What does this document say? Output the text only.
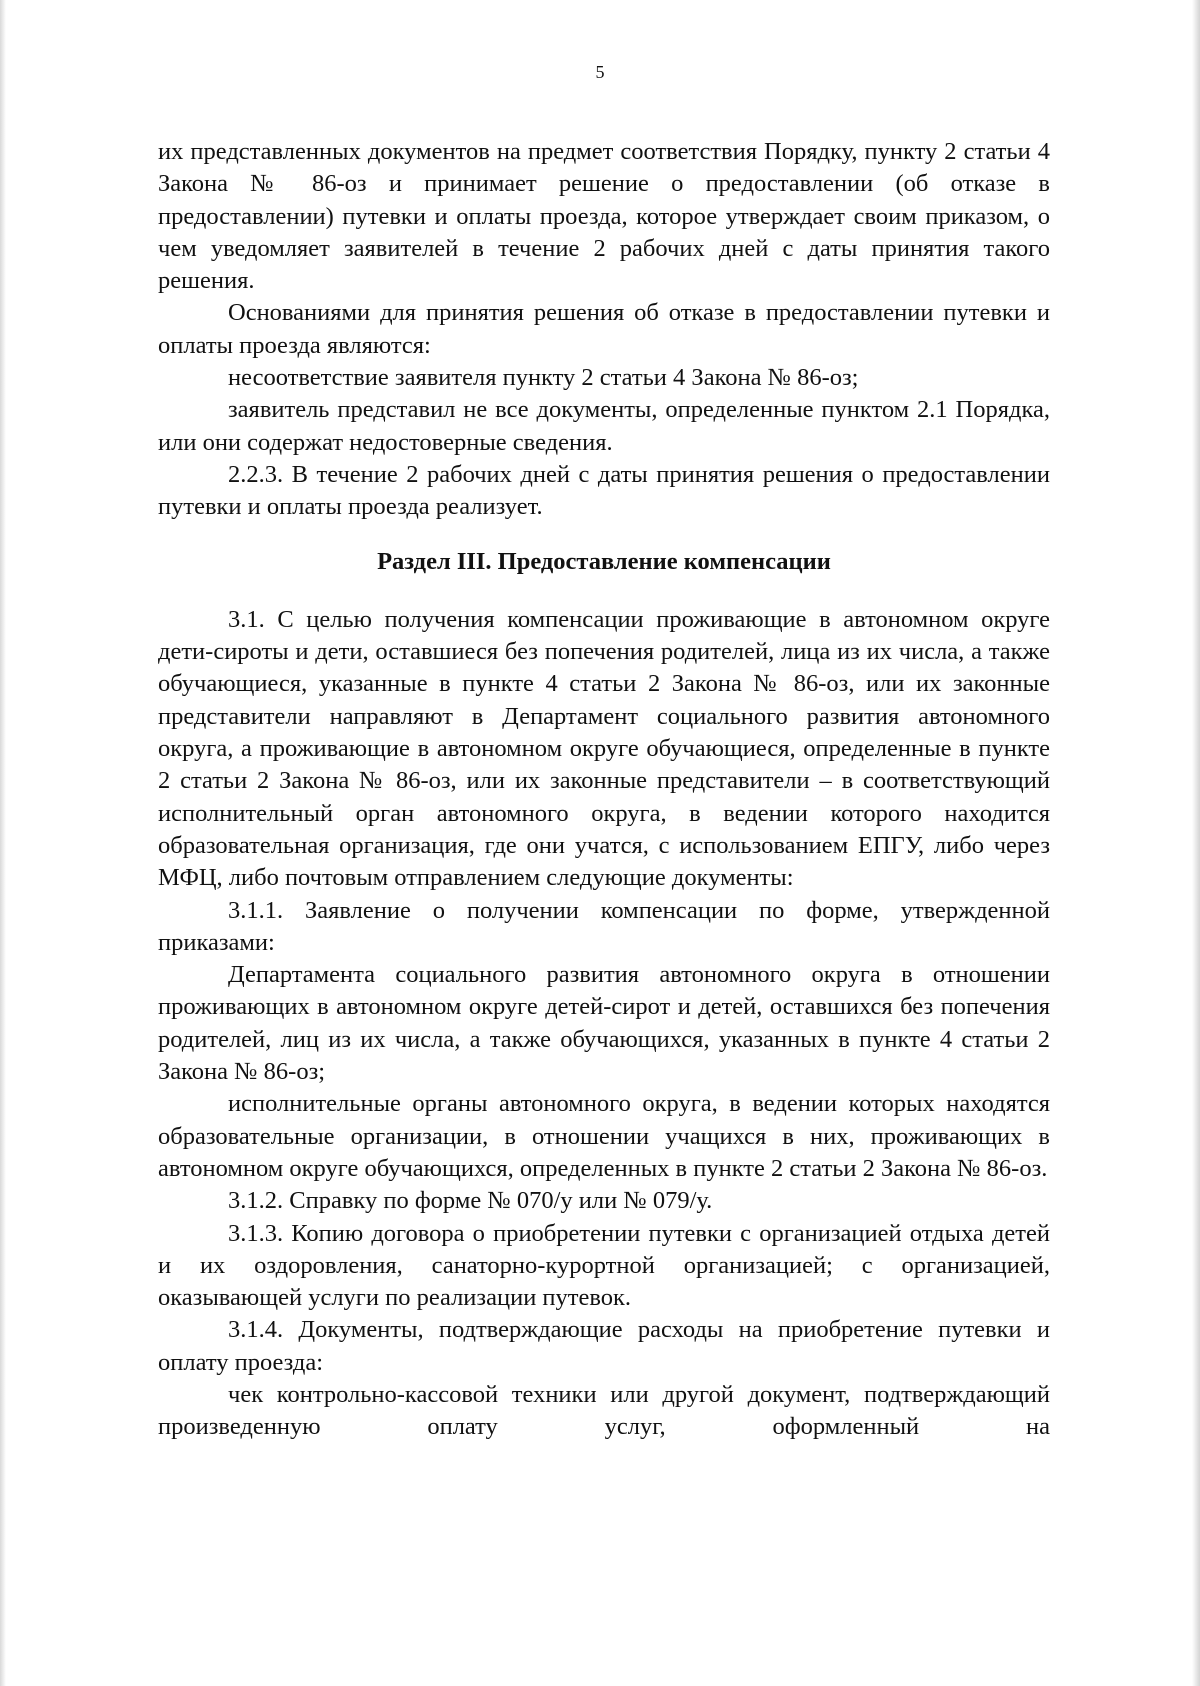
5

их представленных документов на предмет соответствия Порядку, пункту 2 статьи 4 Закона № 86-оз и принимает решение о предоставлении (об отказе в предоставлении) путевки и оплаты проезда, которое утверждает своим приказом, о чем уведомляет заявителей в течение 2 рабочих дней с даты принятия такого решения.

Основаниями для принятия решения об отказе в предоставлении путевки и оплаты проезда являются:

несоответствие заявителя пункту 2 статьи 4 Закона № 86-оз;

заявитель представил не все документы, определенные пунктом 2.1 Порядка, или они содержат недостоверные сведения.

2.2.3. В течение 2 рабочих дней с даты принятия решения о предоставлении путевки и оплаты проезда реализует.

Раздел III. Предоставление компенсации

3.1. С целью получения компенсации проживающие в автономном округе дети-сироты и дети, оставшиеся без попечения родителей, лица из их числа, а также обучающиеся, указанные в пункте 4 статьи 2 Закона № 86-оз, или их законные представители направляют в Департамент социального развития автономного округа, а проживающие в автономном округе обучающиеся, определенные в пункте 2 статьи 2 Закона № 86-оз, или их законные представители – в соответствующий исполнительный орган автономного округа, в ведении которого находится образовательная организация, где они учатся, с использованием ЕПГУ, либо через МФЦ, либо почтовым отправлением следующие документы:

3.1.1. Заявление о получении компенсации по форме, утвержденной приказами:

Департамента социального развития автономного округа в отношении проживающих в автономном округе детей-сирот и детей, оставшихся без попечения родителей, лиц из их числа, а также обучающихся, указанных в пункте 4 статьи 2 Закона № 86-оз;

исполнительные органы автономного округа, в ведении которых находятся образовательные организации, в отношении учащихся в них, проживающих в автономном округе обучающихся, определенных в пункте 2 статьи 2 Закона № 86-оз.

3.1.2. Справку по форме № 070/у или № 079/у.

3.1.3. Копию договора о приобретении путевки с организацией отдыха детей и их оздоровления, санаторно-курортной организацией; с организацией, оказывающей услуги по реализации путевок.

3.1.4. Документы, подтверждающие расходы на приобретение путевки и оплату проезда:

чек контрольно-кассовой техники или другой документ, подтверждающий произведенную оплату услуг, оформленный на
